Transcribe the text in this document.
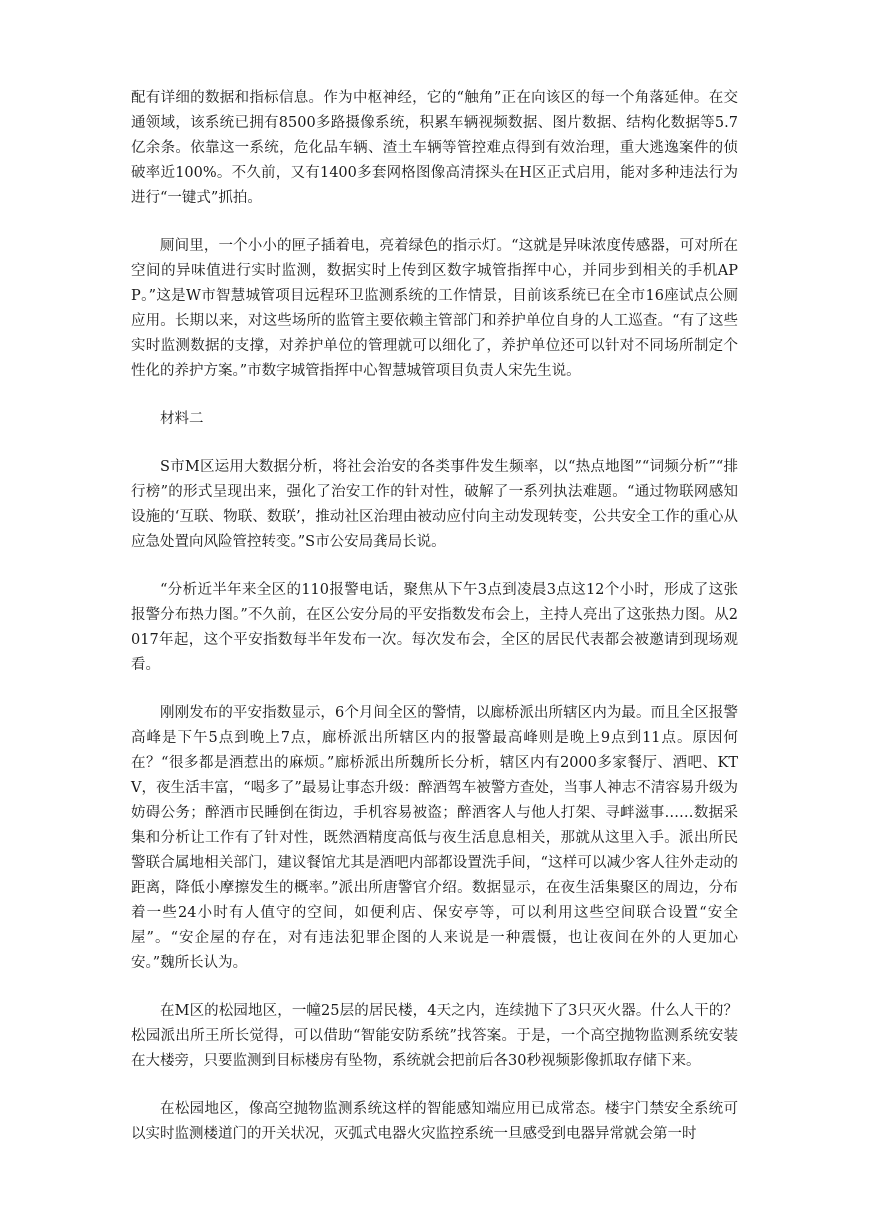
配有详细的数据和指标信息。作为中枢神经，它的“触角”正在向该区的每一个角落延伸。在交通领域，该系统已拥有8500多路摄像系统，积累车辆视频数据、图片数据、结构化数据等5.7亿余条。依靠这一系统，危化品车辆、渣土车辆等管控难点得到有效治理，重大逃逸案件的侦破率近100%。不久前，又有1400多套网格图像高清探头在H区正式启用，能对多种违法行为进行“一键式”抓拍。

厕间里，一个小小的匣子插着电，亮着绿色的指示灯。“这就是异味浓度传感器，可对所在空间的异味值进行实时监测，数据实时上传到区数字城管指挥中心，并同步到相关的手机APP。”这是W市智慧城管项目远程环卫监测系统的工作情景，目前该系统已在全市16座试点公厕应用。长期以来，对这些场所的监管主要依赖主管部门和养护单位自身的人工巡查。“有了这些实时监测数据的支撑，对养护单位的管理就可以细化了，养护单位还可以针对不同场所制定个性化的养护方案。”市数字城管指挥中心智慧城管项目负责人宋先生说。

材料二

S市M区运用大数据分析，将社会治安的各类事件发生频率，以“热点地图”“词频分析”“排行榜”的形式呈现出来，强化了治安工作的针对性，破解了一系列执法难题。“通过物联网感知设施的‘互联、物联、数联’，推动社区治理由被动应付向主动发现转变，公共安全工作的重心从应急处置向风险管控转变。”S市公安局龚局长说。

“分析近半年来全区的110报警电话，聚焦从下午3点到凌晨3点这12个小时，形成了这张报警分布热力图。”不久前，在区公安分局的平安指数发布会上，主持人亮出了这张热力图。从2017年起，这个平安指数每半年发布一次。每次发布会，全区的居民代表都会被邀请到现场观看。

刚刚发布的平安指数显示，6个月间全区的警情，以廊桥派出所辖区内为最。而且全区报警高峰是下午5点到晚上7点，廊桥派出所辖区内的报警最高峰则是晚上9点到11点。原因何在？“很多都是酒惹出的麻烦。”廊桥派出所魏所长分析，辖区内有2000多家餐厅、酒吧、KTV，夜生活丰富，“喝多了”最易让事态升级：醉酒驾车被警方查处，当事人神志不清容易升级为妨碍公务；醉酒市民睡倒在街边，手机容易被盗；醉酒客人与他人打架、寻衅滋事……数据采集和分析让工作有了针对性，既然酒精度高低与夜生活息息相关，那就从这里入手。派出所民警联合属地相关部门，建议餐馆尤其是酒吧内部都设置洗手间，“这样可以减少客人往外走动的距离，降低小摩擦发生的概率。”派出所唐警官介绍。数据显示，在夜生活集聚区的周边，分布着一些24小时有人值守的空间，如便利店、保安亭等，可以利用这些空间联合设置“安全屋”。“安企屋的存在，对有违法犯罪企图的人来说是一种震慑，也让夜间在外的人更加心安。”魏所长认为。

在M区的松园地区，一幢25层的居民楼，4天之内，连续抛下了3只灭火器。什么人干的？松园派出所王所长觉得，可以借助“智能安防系统”找答案。于是，一个高空抛物监测系统安装在大楼旁，只要监测到目标楼房有坠物，系统就会把前后各30秒视频影像抓取存储下来。

在松园地区，像高空抛物监测系统这样的智能感知端应用已成常态。楼宇门禁安全系统可以实时监测楼道门的开关状况，灭弧式电器火灾监控系统一旦感受到电器异常就会第一时
